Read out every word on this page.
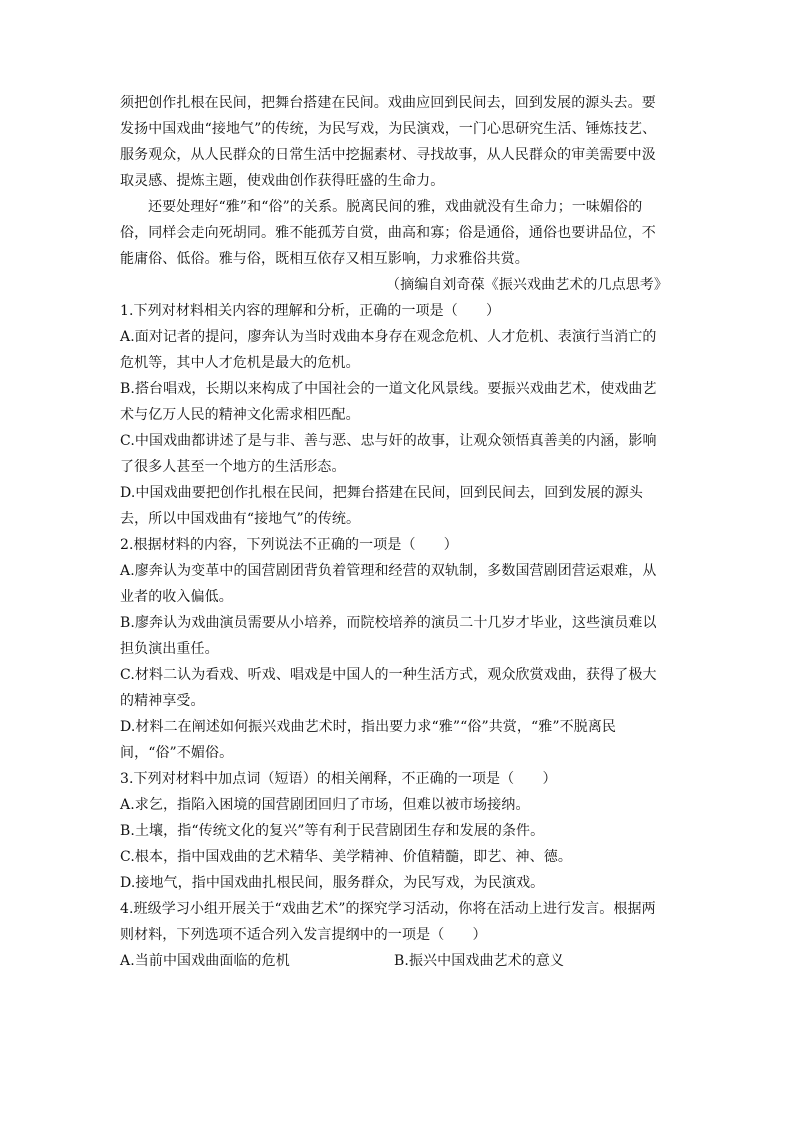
须把创作扎根在民间，把舞台搭建在民间。戏曲应回到民间去，回到发展的源头去。要发扬中国戏曲“接地气”的传统，为民写戏，为民演戏，一门心思研究生活、锤炼技艺、服务观众，从人民群众的日常生活中挖掘素材、寻找故事，从人民群众的审美需要中汲取灵感、提炼主题，使戏曲创作获得旺盛的生命力。

还要处理好“雅”和“俗”的关系。脱离民间的雅，戏曲就没有生命力；一味媚俗的俗，同样会走向死胡同。雅不能孤芳自赏，曲高和寡；俗是通俗，通俗也要讲品位，不能庸俗、低俗。雅与俗，既相互依存又相互影响，力求雅俗共赏。

（摘编自刘奇葆《振兴戏曲艺术的几点思考》

1.下列对材料相关内容的理解和分析，正确的一项是（　　）

A.面对记者的提问，廖奔认为当时戏曲本身存在观念危机、人才危机、表演行当消亡的危机等，其中人才危机是最大的危机。

B.搭台唱戏，长期以来构成了中国社会的一道文化风景线。要振兴戏曲艺术，使戏曲艺术与亿万人民的精神文化需求相匹配。

C.中国戏曲都讲述了是与非、善与恶、忠与奸的故事，让观众领悟真善美的内涵，影响了很多人甚至一个地方的生活形态。

D.中国戏曲要把创作扎根在民间，把舞台搭建在民间，回到民间去，回到发展的源头去，所以中国戏曲有“接地气”的传统。

2.根据材料的内容，下列说法不正确的一项是（　　）

A.廖奔认为变革中的国营剧团背负着管理和经营的双轨制，多数国营剧团营运艰难，从业者的收入偏低。

B.廖奔认为戏曲演员需要从小培养，而院校培养的演员二十几岁才毕业，这些演员难以担负演出重任。

C.材料二认为看戏、听戏、唱戏是中国人的一种生活方式，观众欣赏戏曲，获得了极大的精神享受。

D.材料二在阐述如何振兴戏曲艺术时，指出要力求“雅”“俗”共赏，“雅”不脱离民间，“俗”不媚俗。

3.下列对材料中加点词（短语）的相关阐释，不正确的一项是（　　）

A.求乞，指陷入困境的国营剧团回归了市场，但难以被市场接纳。

B.土壤，指“传统文化的复兴”等有利于民营剧团生存和发展的条件。

C.根本，指中国戏曲的艺术精华、美学精神、价值精髓，即艺、神、德。

D.接地气，指中国戏曲扎根民间，服务群众，为民写戏，为民演戏。

4.班级学习小组开展关于“戏曲艺术”的探究学习活动，你将在活动上进行发言。根据两则材料，下列选项不适合列入发言提纲中的一项是（　　）

A.当前中国戏曲面临的危机	B.振兴中国戏曲艺术的意义
